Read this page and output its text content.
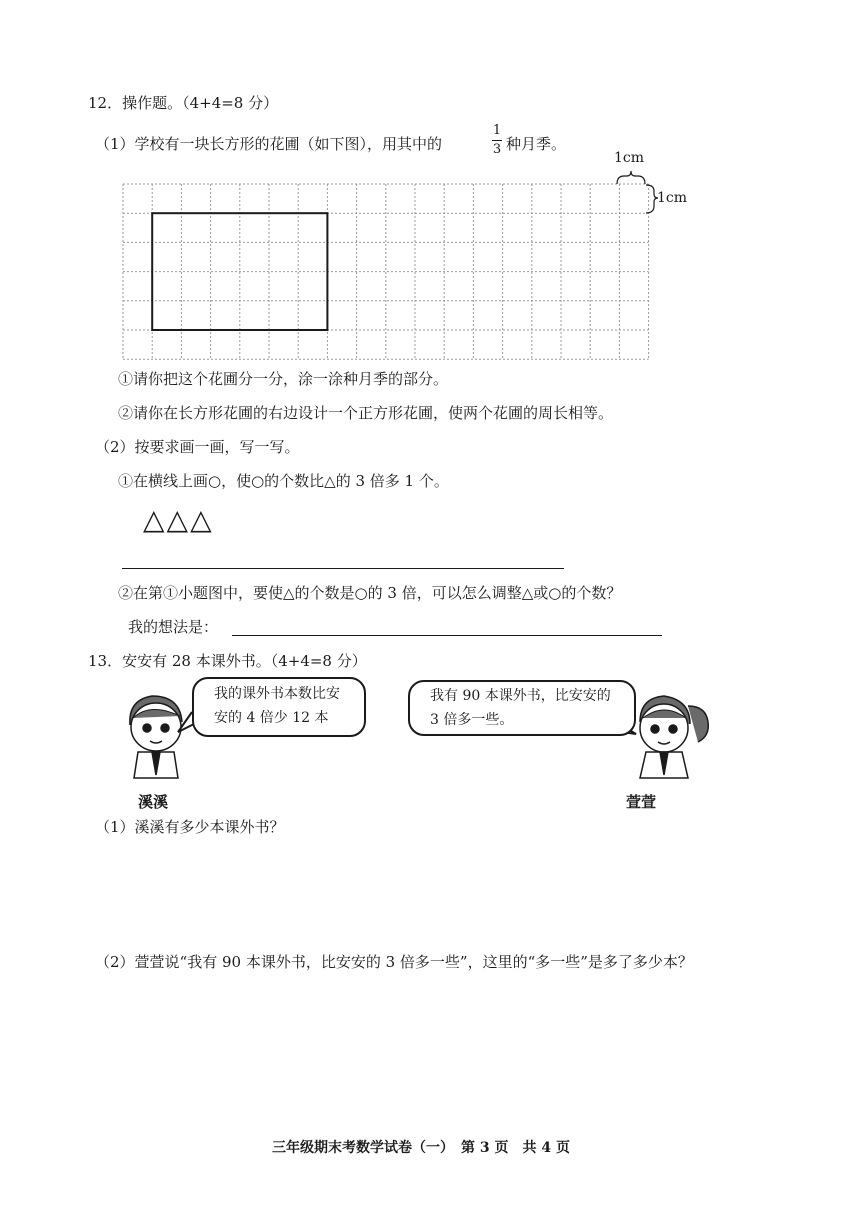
12．操作题。（4+4=8 分）
（1）学校有一块长方形的花圃（如下图），用其中的
1
3 种月季。
1cm
1cm
①请你把这个花圃分一分，涂一涂种月季的部分。
②请你在长方形花圃的右边设计一个正方形花圃，使两个花圃的周长相等。
（2）按要求画一画，写一写。
①在横线上画○，使○的个数比△的 3 倍多 1 个。
△△△
②在第①小题图中，要使△的个数是○的 3 倍，可以怎么调整△或○的个数？
我的想法是：
13．安安有 28 本课外书。（4+4=8 分）
我的课外书本数比安
安的 4 倍少 12 本
我有 90 本课外书，比安安的
3 倍多一些。
溪溪	萱萱
（1）溪溪有多少本课外书？
（2）萱萱说“我有 90 本课外书，比安安的 3 倍多一些”，这里的“多一些”是多了多少本？
三年级期末考数学试卷（一）　第 3 页　共 4 页
